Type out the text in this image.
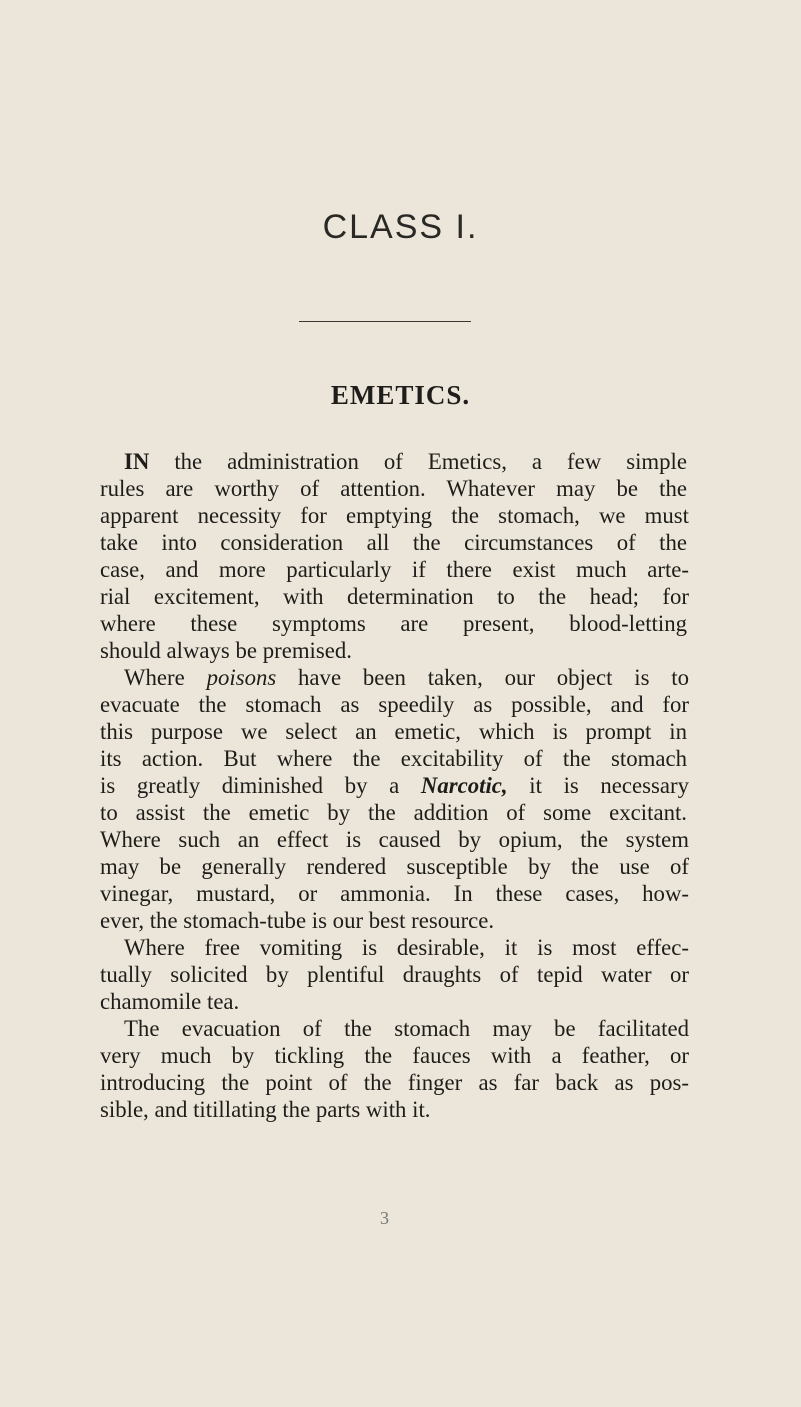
CLASS I.
EMETICS.
IN the administration of Emetics, a few simple
rules are worthy of attention. Whatever may be the
apparent necessity for emptying the stomach, we must
take into consideration all the circumstances of the
case, and more particularly if there exist much arte-
rial excitement, with determination to the head; for
where these symptoms are present, blood-letting
should always be premised.
Where poisons have been taken, our object is to
evacuate the stomach as speedily as possible, and for
this purpose we select an emetic, which is prompt in
its action. But where the excitability of the stomach
is greatly diminished by a Narcotic, it is necessary
to assist the emetic by the addition of some excitant.
Where such an effect is caused by opium, the system
may be generally rendered susceptible by the use of
vinegar, mustard, or ammonia. In these cases, how-
ever, the stomach-tube is our best resource.
Where free vomiting is desirable, it is most effec-
tually solicited by plentiful draughts of tepid water or
chamomile tea.
The evacuation of the stomach may be facilitated
very much by tickling the fauces with a feather, or
introducing the point of the finger as far back as pos-
sible, and titillating the parts with it.
3
